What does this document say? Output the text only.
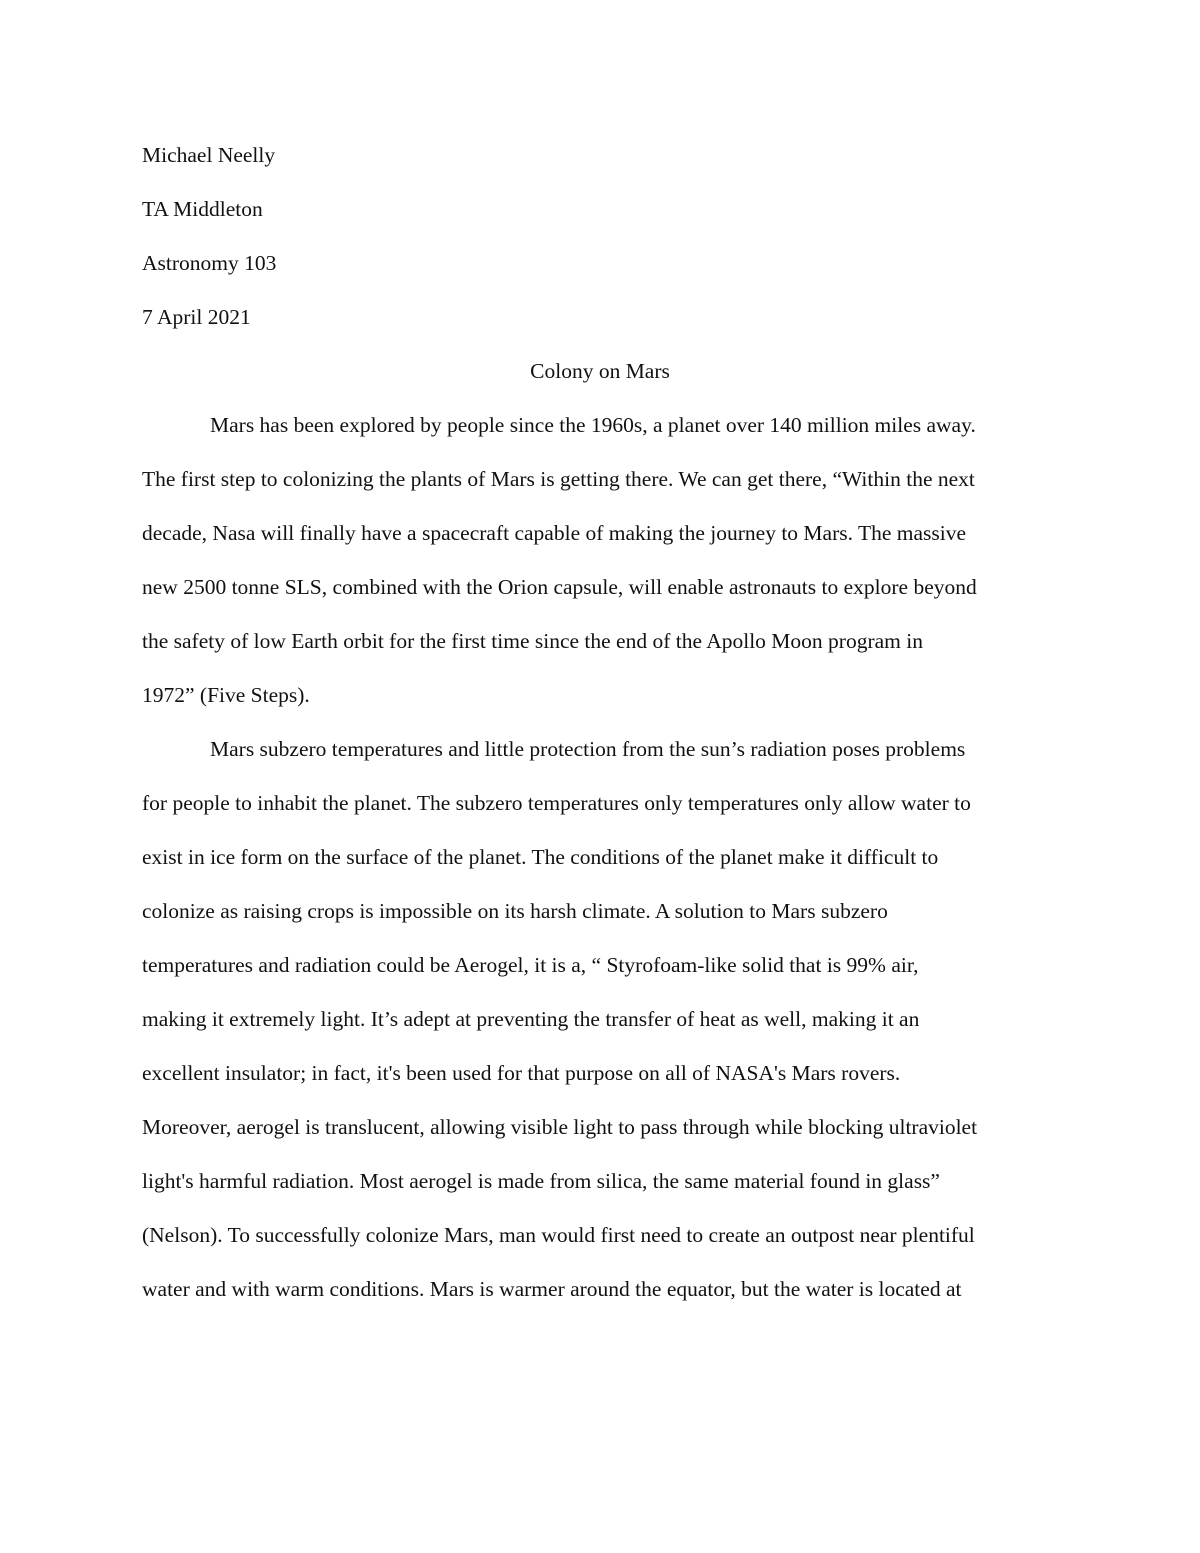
Michael Neelly

TA Middleton

Astronomy 103

7 April 2021

Colony on Mars

Mars has been explored by people since the 1960s, a planet over 140 million miles away.
The first step to colonizing the plants of Mars is getting there. We can get there, “Within the next
decade, Nasa will finally have a spacecraft capable of making the journey to Mars. The massive
new 2500 tonne SLS, combined with the Orion capsule, will enable astronauts to explore beyond
the safety of low Earth orbit for the first time since the end of the Apollo Moon program in
1972” (Five Steps).

Mars subzero temperatures and little protection from the sun’s radiation poses problems
for people to inhabit the planet. The subzero temperatures only temperatures only allow water to
exist in ice form on the surface of the planet. The conditions of the planet make it difficult to
colonize as raising crops is impossible on its harsh climate. A solution to Mars subzero
temperatures and radiation could be Aerogel, it is a, “ Styrofoam-like solid that is 99% air,
making it extremely light. It’s adept at preventing the transfer of heat as well, making it an
excellent insulator; in fact, it's been used for that purpose on all of NASA's Mars rovers.
Moreover, aerogel is translucent, allowing visible light to pass through while blocking ultraviolet
light's harmful radiation. Most aerogel is made from silica, the same material found in glass”
(Nelson). To successfully colonize Mars, man would first need to create an outpost near plentiful
water and with warm conditions. Mars is warmer around the equator, but the water is located at
